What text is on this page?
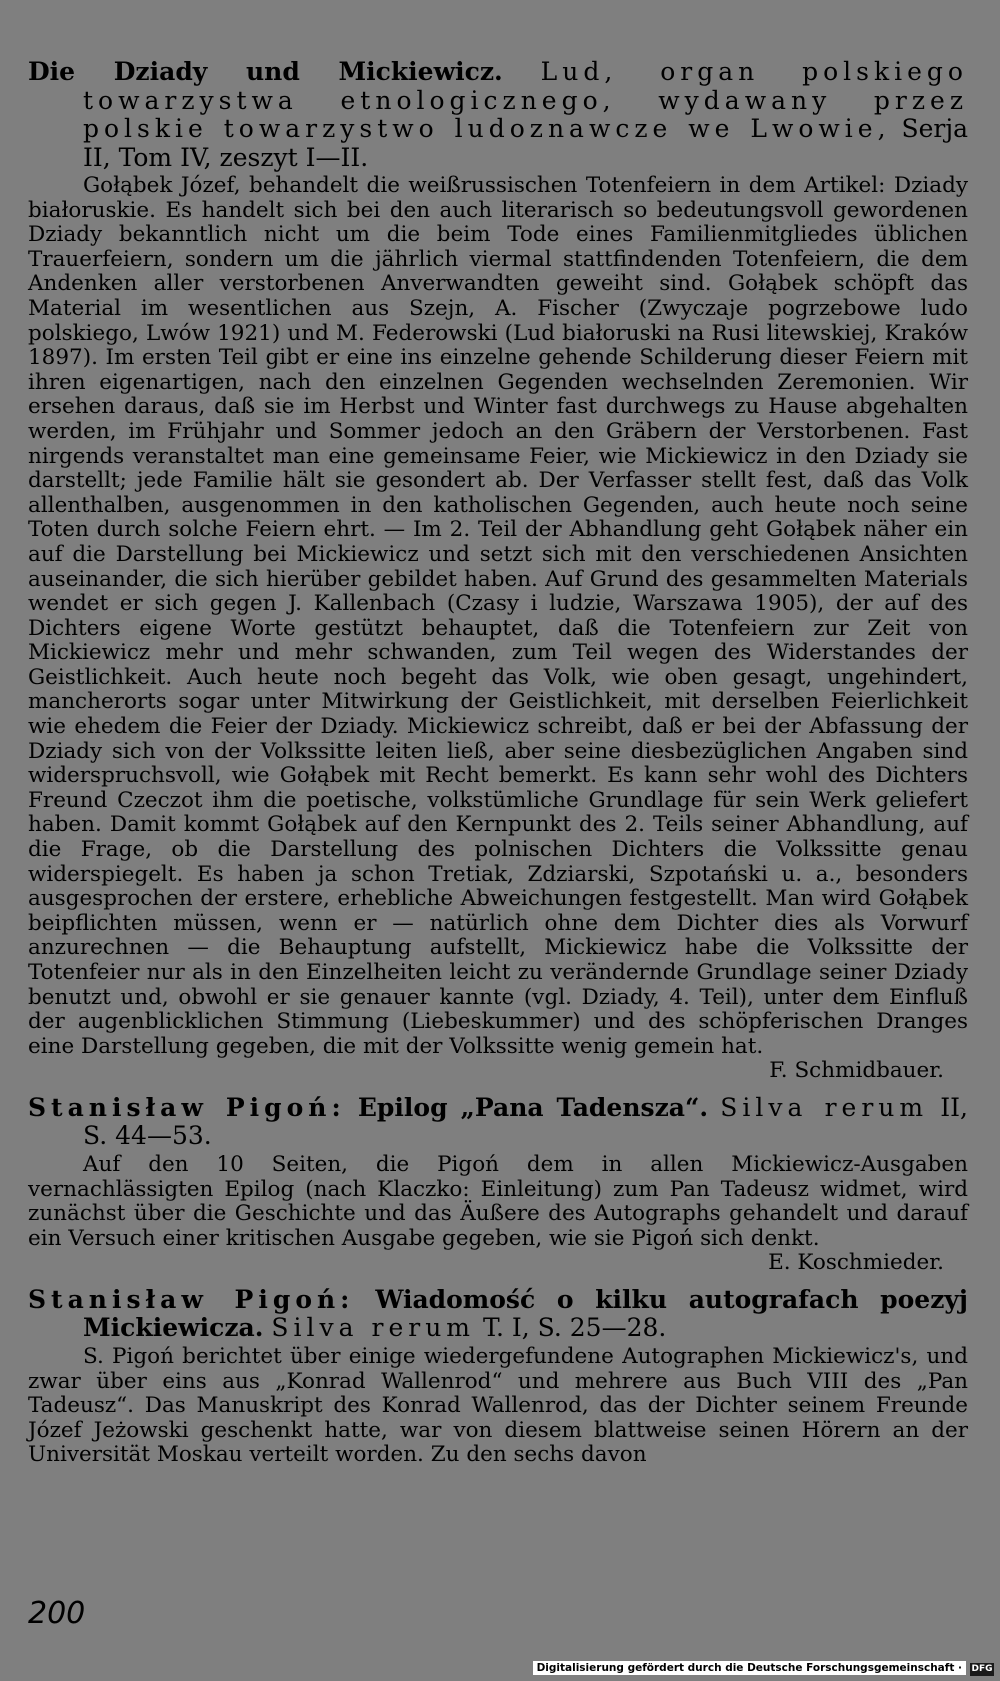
Die Dziady und Mickiewicz. Lud, organ polskiego towarzystwa etnologicznego, wydawany przez polskie towarzystwo ludoznawcze we Lwowie, Serja II, Tom IV, zeszyt I—II.

Gołąbek Józef, behandelt die weißrussischen Totenfeiern in dem Artikel: Dziady białoruskie. Es handelt sich bei den auch literarisch so bedeutungsvoll gewordenen Dziady bekanntlich nicht um die beim Tode eines Familienmitgliedes üblichen Trauerfeiern, sondern um die jährlich viermal stattfindenden Totenfeiern, die dem Andenken aller verstorbenen Anverwandten geweiht sind. Gołąbek schöpft das Material im wesentlichen aus Szejn, A. Fischer (Zwyczaje pogrzebowe ludo polskiego, Lwów 1921) und M. Federowski (Lud białoruski na Rusi litewskiej, Kraków 1897). Im ersten Teil gibt er eine ins einzelne gehende Schilderung dieser Feiern mit ihren eigenartigen, nach den einzelnen Gegenden wechselnden Zeremonien. Wir ersehen daraus, daß sie im Herbst und Winter fast durchwegs zu Hause abgehalten werden, im Frühjahr und Sommer jedoch an den Gräbern der Verstorbenen. Fast nirgends veranstaltet man eine gemeinsame Feier, wie Mickiewicz in den Dziady sie darstellt; jede Familie hält sie gesondert ab. Der Verfasser stellt fest, daß das Volk allenthalben, ausgenommen in den katholischen Gegenden, auch heute noch seine Toten durch solche Feiern ehrt. — Im 2. Teil der Abhandlung geht Gołąbek näher ein auf die Darstellung bei Mickiewicz und setzt sich mit den verschiedenen Ansichten auseinander, die sich hierüber gebildet haben. Auf Grund des gesammelten Materials wendet er sich gegen J. Kallenbach (Czasy i ludzie, Warszawa 1905), der auf des Dichters eigene Worte gestützt behauptet, daß die Totenfeiern zur Zeit von Mickiewicz mehr und mehr schwanden, zum Teil wegen des Widerstandes der Geistlichkeit. Auch heute noch begeht das Volk, wie oben gesagt, ungehindert, mancherorts sogar unter Mitwirkung der Geistlichkeit, mit derselben Feierlichkeit wie ehedem die Feier der Dziady. Mickiewicz schreibt, daß er bei der Abfassung der Dziady sich von der Volkssitte leiten ließ, aber seine diesbezüglichen Angaben sind widerspruchsvoll, wie Gołąbek mit Recht bemerkt. Es kann sehr wohl des Dichters Freund Czeczot ihm die poetische, volkstümliche Grundlage für sein Werk geliefert haben. Damit kommt Gołąbek auf den Kernpunkt des 2. Teils seiner Abhandlung, auf die Frage, ob die Darstellung des polnischen Dichters die Volkssitte genau widerspiegelt. Es haben ja schon Tretiak, Zdziarski, Szpotański u. a., besonders ausgesprochen der erstere, erhebliche Abweichungen festgestellt. Man wird Gołąbek beipflichten müssen, wenn er — natürlich ohne dem Dichter dies als Vorwurf anzurechnen — die Behauptung aufstellt, Mickiewicz habe die Volkssitte der Totenfeier nur als in den Einzelheiten leicht zu verändernde Grundlage seiner Dziady benutzt und, obwohl er sie genauer kannte (vgl. Dziady, 4. Teil), unter dem Einfluß der augenblicklichen Stimmung (Liebeskummer) und des schöpferischen Dranges eine Darstellung gegeben, die mit der Volkssitte wenig gemein hat.

F. Schmidbauer.

Stanisław Pigoń: Epilog „Pana Tadensza“. Silva rerum II, S. 44—53.

Auf den 10 Seiten, die Pigoń dem in allen Mickiewicz-Ausgaben vernachlässigten Epilog (nach Klaczko: Einleitung) zum Pan Tadeusz widmet, wird zunächst über die Geschichte und das Äußere des Autographs gehandelt und darauf ein Versuch einer kritischen Ausgabe gegeben, wie sie Pigoń sich denkt.

E. Koschmieder.

Stanisław Pigoń: Wiadomość o kilku autografach poezyj Mickiewicza. Silva rerum T. I, S. 25—28.

S. Pigoń berichtet über einige wiedergefundene Autographen Mickiewicz's, und zwar über eins aus „Konrad Wallenrod“ und mehrere aus Buch VIII des „Pan Tadeusz“. Das Manuskript des Konrad Wallenrod, das der Dichter seinem Freunde Józef Jeżowski geschenkt hatte, war von diesem blattweise seinen Hörern an der Universität Moskau verteilt worden. Zu den sechs davon

200
Digitalisierung gefördert durch die Deutsche Forschungsgemeinschaft ·	DFG
